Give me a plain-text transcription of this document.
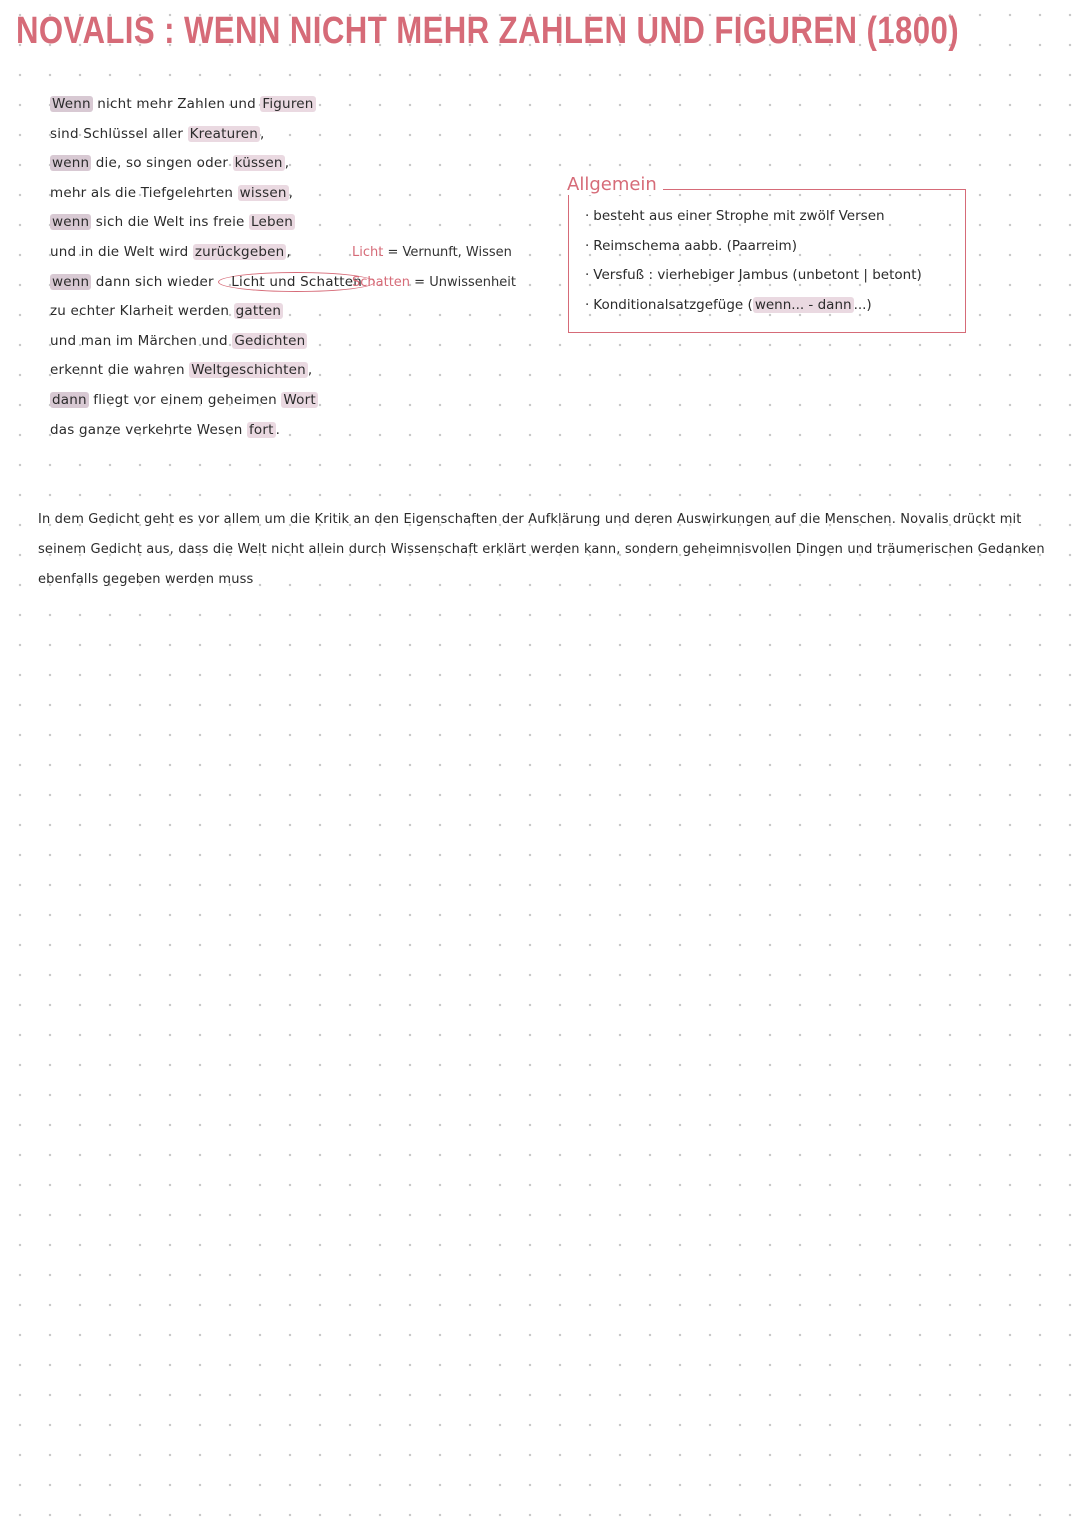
NOVALIS : WENN NICHT MEHR ZAHLEN UND FIGUREN (1800)
Wenn nicht mehr Zahlen und Figuren
sind Schlüssel aller Kreaturen ,
wenn die, so singen oder küssen ,
mehr als die Tiefgelehrten wissen ,
wenn sich die Welt ins freie Leben
und in die Welt wird zurückgeben ,
wenn dann sich wieder Licht und Schatten
zu echter Klarheit werden gatten
und man im Märchen und Gedichten
erkennt die wahren Weltgeschichten ,
dann fliegt vor einem geheimen Wort
das ganze verkehrte Wesen fort .
Licht = Vernunft, Wissen
Schatten = Unwissenheit
Allgemein
· besteht aus einer Strophe mit zwölf Versen
· Reimschema aabb. (Paarreim)
· Versfuß : vierhebiger Jambus (unbetont | betont)
· Konditionalsatzgefüge ( wenn... - dann ...)

In dem Gedicht geht es vor allem um die Kritik an den Eigenschaften der Aufklärung und deren Auswirkungen auf die Menschen. Novalis drückt mit seinem Gedicht aus, dass die Welt nicht allein durch Wissenschaft erklärt werden kann, sondern geheimnisvollen Dingen und träumerischen Gedanken ebenfalls gegeben werden muss
